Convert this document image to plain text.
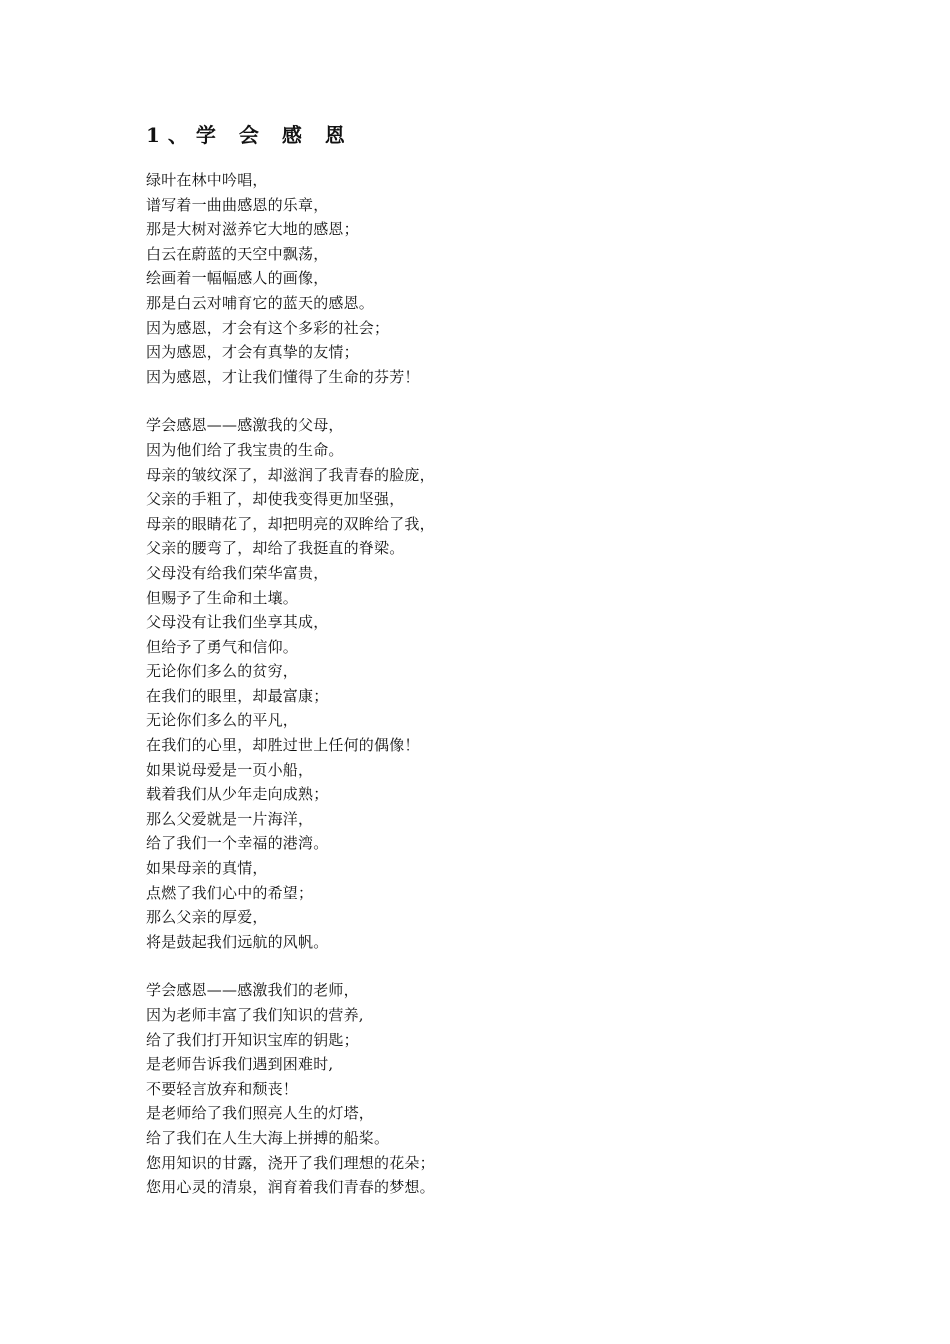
1、学 会 感 恩
绿叶在林中吟唱，
谱写着一曲曲感恩的乐章，
那是大树对滋养它大地的感恩；
白云在蔚蓝的天空中飘荡，
绘画着一幅幅感人的画像，
那是白云对哺育它的蓝天的感恩。
因为感恩，才会有这个多彩的社会；
因为感恩，才会有真挚的友情；
因为感恩，才让我们懂得了生命的芬芳！
学会感恩——感激我的父母，
因为他们给了我宝贵的生命。
母亲的皱纹深了，却滋润了我青春的脸庞，
父亲的手粗了，却使我变得更加坚强，
母亲的眼睛花了，却把明亮的双眸给了我，
父亲的腰弯了，却给了我挺直的脊梁。
父母没有给我们荣华富贵，
但赐予了生命和土壤。
父母没有让我们坐享其成，
但给予了勇气和信仰。
无论你们多么的贫穷，
在我们的眼里，却最富康；
无论你们多么的平凡，
在我们的心里，却胜过世上任何的偶像！
如果说母爱是一页小船，
载着我们从少年走向成熟；
那么父爱就是一片海洋，
给了我们一个幸福的港湾。
如果母亲的真情，
点燃了我们心中的希望；
那么父亲的厚爱，
将是鼓起我们远航的风帆。
学会感恩——感激我们的老师，
因为老师丰富了我们知识的营养,
给了我们打开知识宝库的钥匙；
是老师告诉我们遇到困难时,
不要轻言放弃和颓丧！
是老师给了我们照亮人生的灯塔，
给了我们在人生大海上拼搏的船桨。
您用知识的甘露，浇开了我们理想的花朵；
您用心灵的清泉，润育着我们青春的梦想。
